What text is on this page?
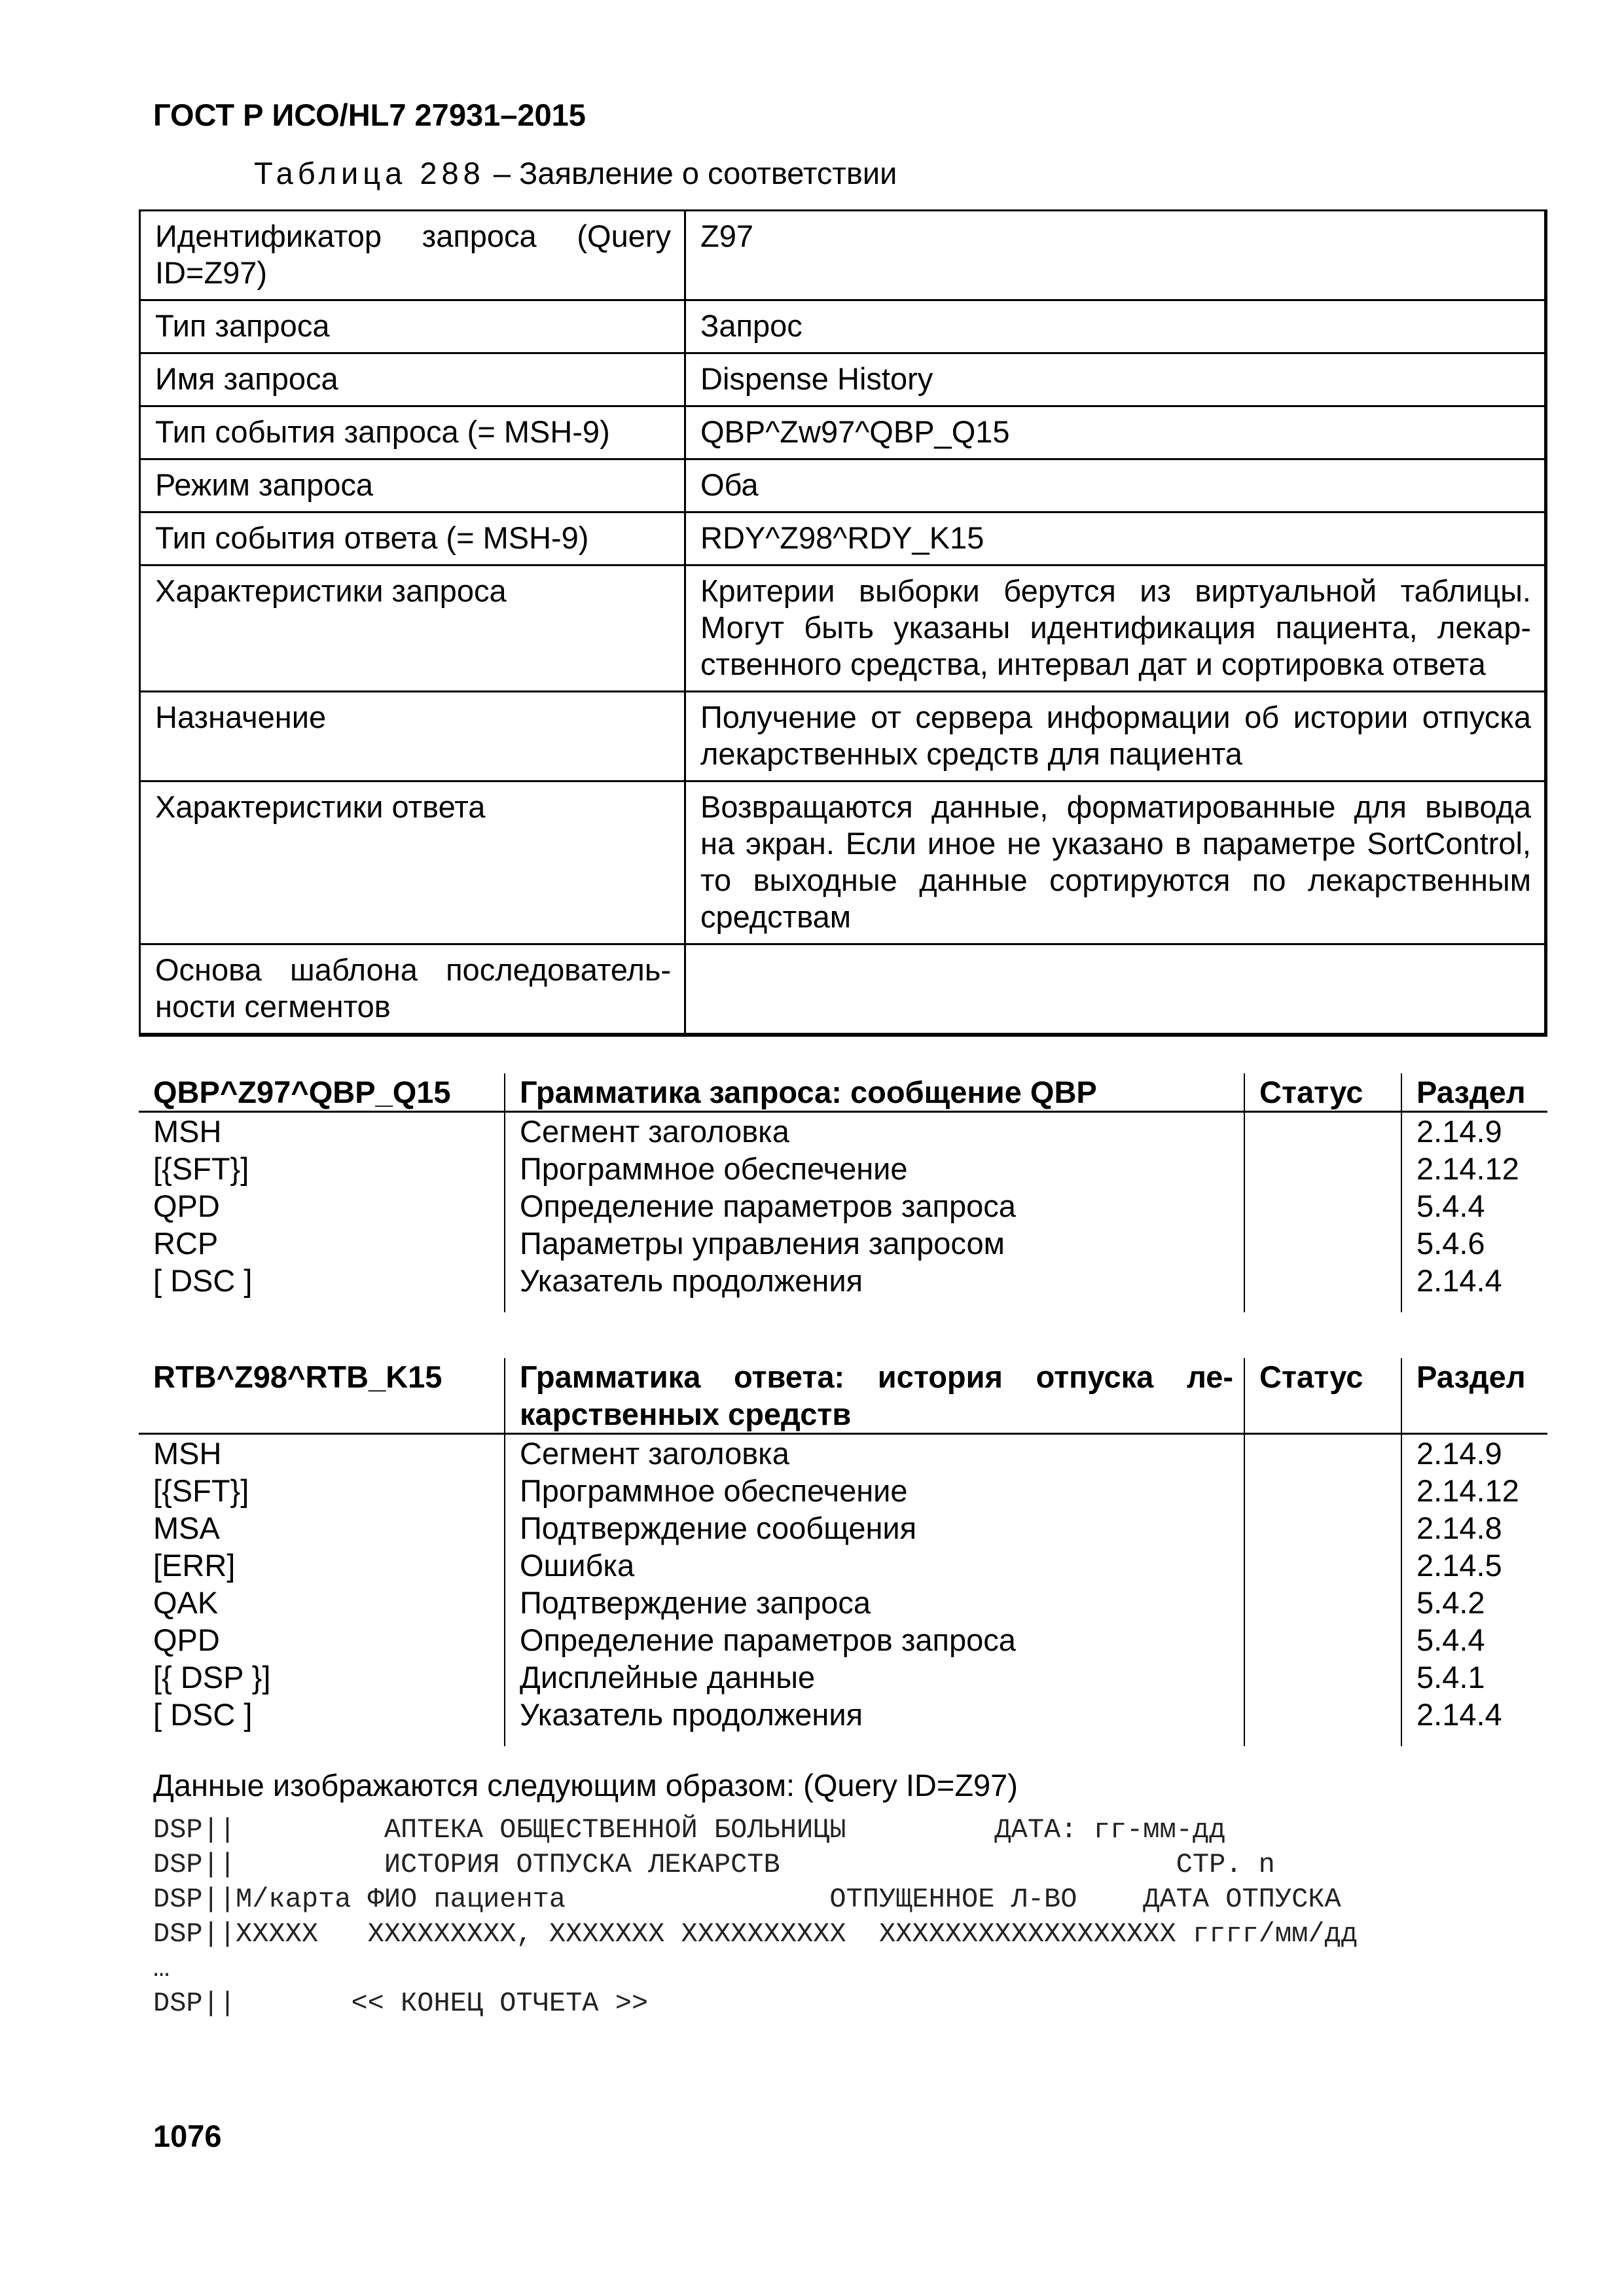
ГОСТ Р ИСО/HL7 27931–2015
Таблица 288 – Заявление о соответствии
Идентификатор запроса (Query ID=Z97)	Z97
Тип запроса	Запрос
Имя запроса	Dispense History
Тип события запроса (= MSH-9)	QBP^Zw97^QBP_Q15
Режим запроса	Оба
Тип события ответа (= MSH-9)	RDY^Z98^RDY_K15
Характеристики запроса	Критерии выборки берутся из виртуальной таблицы. Могут быть указаны идентификация пациента, лекарственного средства, интервал дат и сортировка ответа
Назначение	Получение от сервера информации об истории отпуска лекарственных средств для пациента
Характеристики ответа	Возвращаются данные, форматированные для вывода на экран. Если иное не указано в параметре SortControl, то выходные данные сортируются по лекарственным средствам
Основа шаблона последовательности сегментов	
QBP^Z97^QBP_Q15	Грамматика запроса: сообщение QBP	Статус	Раздел
MSH	Сегмент заголовка		2.14.9
[{SFT}]	Программное обеспечение		2.14.12
QPD	Определение параметров запроса		5.4.4
RCP	Параметры управления запросом		5.4.6
[ DSC ]	Указатель продолжения		2.14.4

RTB^Z98^RTB_K15	Грамматика ответа: история отпуска лекарственных средств	Статус	Раздел
MSH	Сегмент заголовка		2.14.9
[{SFT}]	Программное обеспечение		2.14.12
MSA	Подтверждение сообщения		2.14.8
[ERR]	Ошибка		2.14.5
QAK	Подтверждение запроса		5.4.2
QPD	Определение параметров запроса		5.4.4
[{ DSP }]	Дисплейные данные		5.4.1
[ DSC ]	Указатель продолжения		2.14.4

Данные изображаются следующим образом: (Query ID=Z97)
DSP||         АПТЕКА ОБЩЕСТВЕННОЙ БОЛЬНИЦЫ         ДАТА: гг-мм-дд
DSP||         ИСТОРИЯ ОТПУСКА ЛЕКАРСТВ                        СТР. n
DSP||М/карта ФИО пациента                ОТПУЩЕННОЕ Л-ВО    ДАТА ОТПУСКА
DSP||XXXXX   XXXXXXXXX, XXXXXXX XXXXXXXXXX  XXXXXXXXXXXXXXXXXX гггг/мм/дд
…
DSP||       << КОНЕЦ ОТЧЕТА >>
1076
